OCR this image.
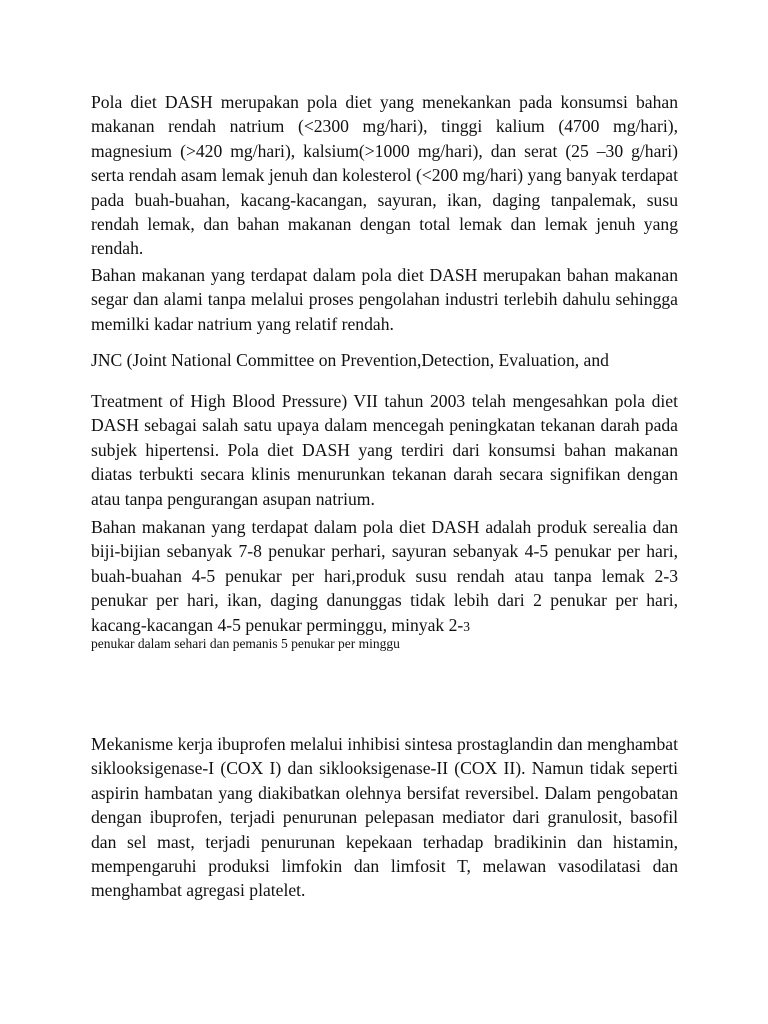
Pola diet DASH merupakan pola diet yang menekankan pada konsumsi bahan makanan rendah natrium (<2300 mg/hari), tinggi kalium (4700 mg/hari), magnesium (>420 mg/hari), kalsium(>1000 mg/hari), dan serat (25 –30 g/hari) serta rendah asam lemak jenuh dan kolesterol (<200 mg/hari) yang banyak terdapat pada buah-buahan, kacang-kacangan, sayuran, ikan, daging tanpalemak, susu rendah lemak, dan bahan makanan dengan total lemak dan lemak jenuh yang rendah.

Bahan makanan yang terdapat dalam pola diet DASH merupakan bahan makanan segar dan alami tanpa melalui proses pengolahan industri terlebih dahulu sehingga memilki kadar natrium yang relatif rendah.

JNC (Joint National Committee on Prevention,Detection, Evaluation, and

Treatment of High Blood Pressure) VII tahun 2003 telah mengesahkan pola diet DASH sebagai salah satu upaya dalam mencegah peningkatan tekanan darah pada subjek hipertensi. Pola diet DASH yang terdiri dari konsumsi bahan makanan diatas terbukti secara klinis menurunkan tekanan darah secara signifikan dengan atau tanpa pengurangan asupan natrium.

Bahan makanan yang terdapat dalam pola diet DASH adalah produk serealia dan biji-bijian sebanyak 7-8 penukar perhari, sayuran sebanyak 4-5 penukar per hari, buah-buahan 4-5 penukar per hari,produk susu rendah atau tanpa lemak 2-3 penukar per hari, ikan, daging danunggas tidak lebih dari 2 penukar per hari, kacang-kacangan 4-5 penukar perminggu, minyak 2-3

penukar dalam sehari dan pemanis 5 penukar per minggu

Mekanisme kerja ibuprofen melalui inhibisi sintesa prostaglandin dan menghambat siklooksigenase-I (COX I) dan siklooksigenase-II (COX II). Namun tidak seperti aspirin hambatan yang diakibatkan olehnya bersifat reversibel. Dalam pengobatan dengan ibuprofen, terjadi penurunan pelepasan mediator dari granulosit, basofil dan sel mast, terjadi penurunan kepekaan terhadap bradikinin dan histamin, mempengaruhi produksi limfokin dan limfosit T, melawan vasodilatasi dan menghambat agregasi platelet.
